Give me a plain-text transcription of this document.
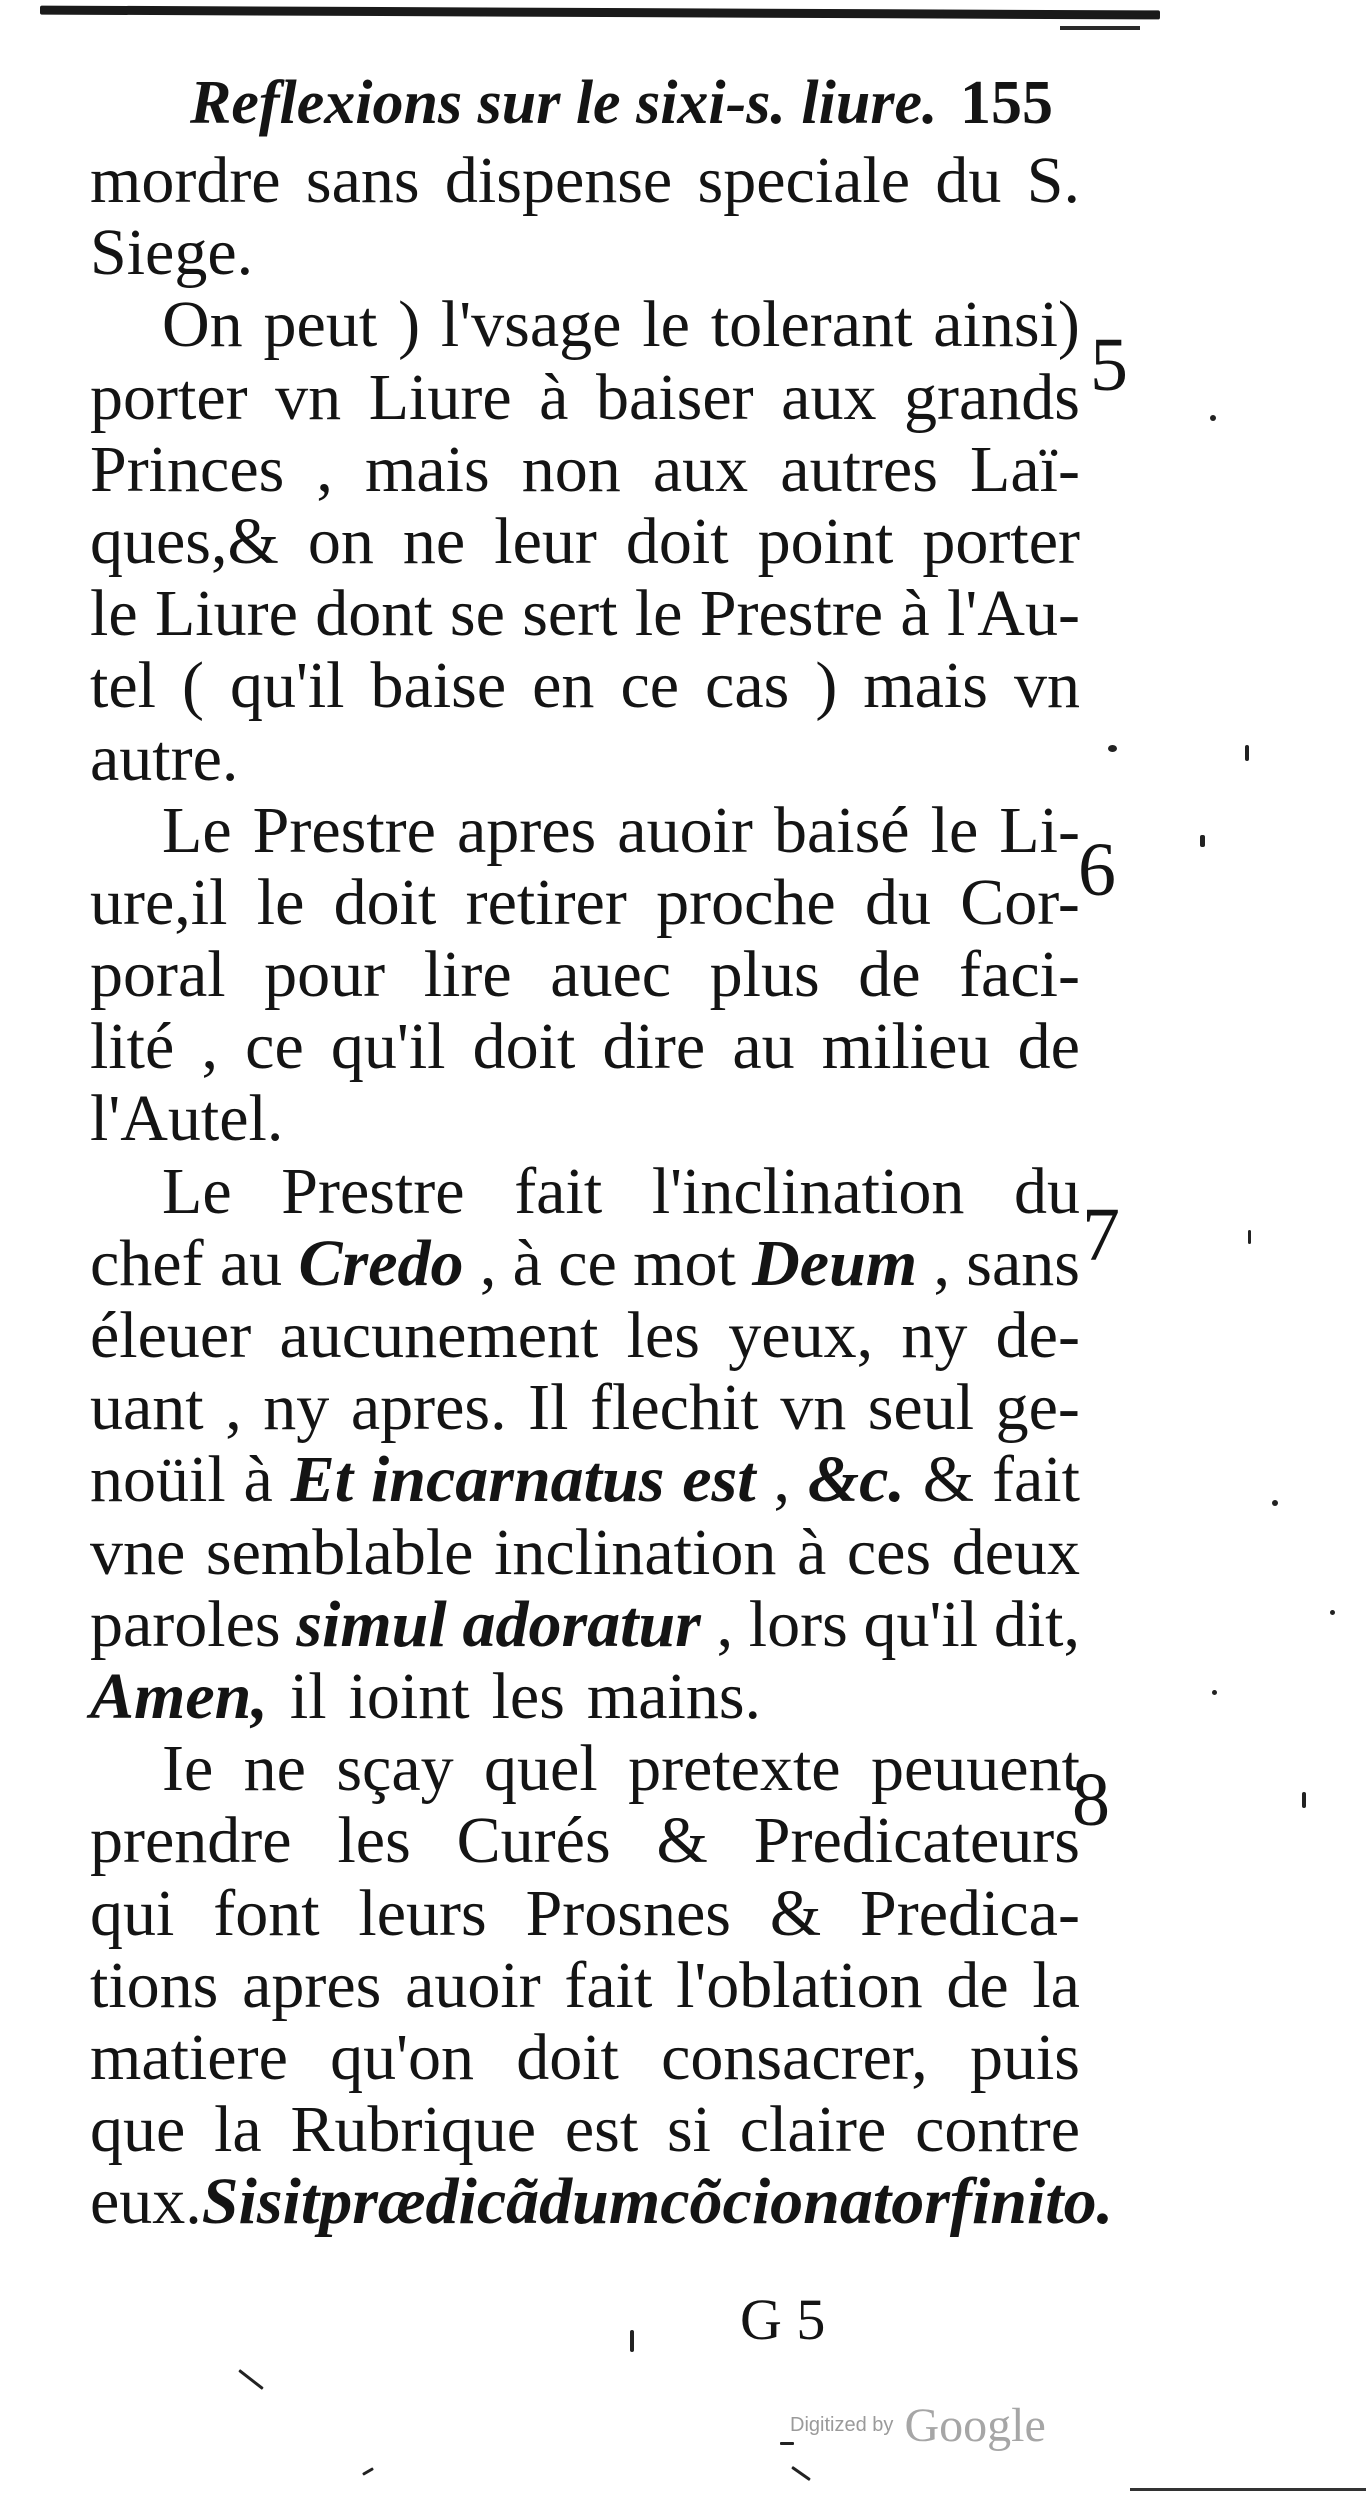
Reflexions sur le sixi-s. liure. 155
mordre sans dispense speciale du S.
Siege.
On peut ) l'vsage le tolerant ainsi)
porter vn Liure à baiser aux grands
Princes , mais non aux autres Laï-
ques,& on ne leur doit point porter
le Liure dont se sert le Prestre à l'Au-
tel ( qu'il baise en ce cas ) mais vn
autre.
Le Prestre apres auoir baisé le Li-
ure,il le doit retirer proche du Cor-
poral pour lire auec plus de faci-
lité , ce qu'il doit dire au milieu de
l'Autel.
Le Prestre fait l'inclination du
chef au Credo , à ce mot Deum , sans
éleuer aucunement les yeux, ny de-
uant , ny apres. Il flechit vn seul ge-
noüil à Et incarnatus est , &c. & fait
vne semblable inclination à ces deux
paroles simul adoratur , lors qu'il dit,
Amen, il ioint les mains.
Ie ne sçay quel pretexte peuuent
prendre les Curés & Predicateurs
qui font leurs Prosnes & Predica-
tions apres auoir fait l'oblation de la
matiere qu'on doit consacrer, puis
que la Rubrique est si claire contre
eux. Si sit prædicãdum cõcionator finito.
5
6
7
8
G 5
Digitized by Google
